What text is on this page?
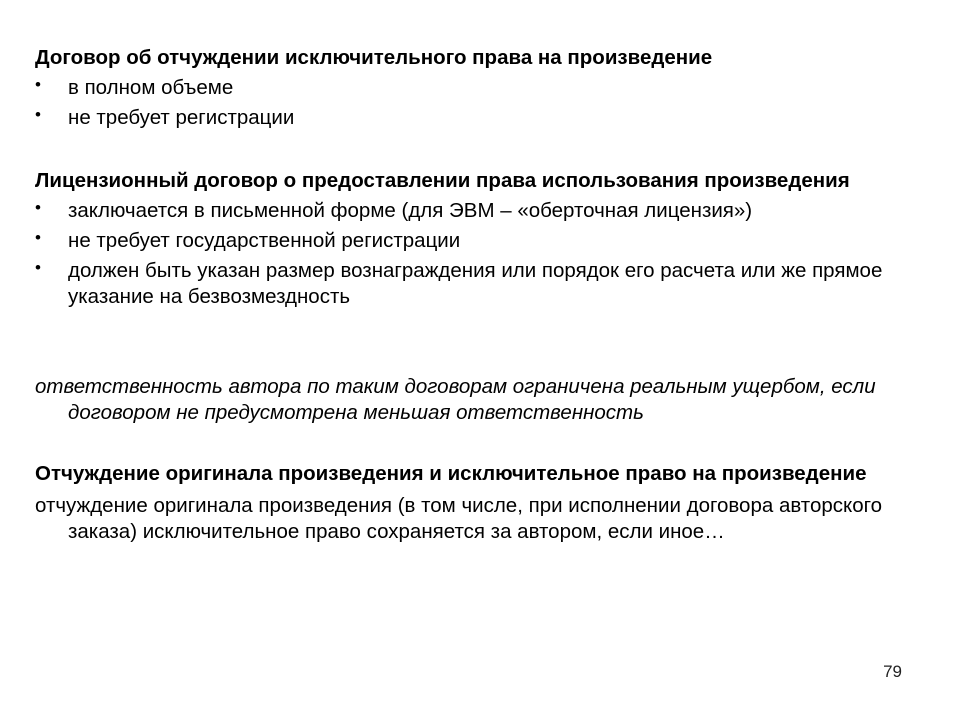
Договор об отчуждении исключительного права на произведение
• в полном объеме
• не требует регистрации
Лицензионный договор о предоставлении права использования произведения
• заключается в письменной форме (для ЭВМ – «оберточная лицензия»)
• не требует государственной регистрации
• должен быть указан размер вознаграждения или порядок его расчета или же прямое указание на безвозмездность
ответственность автора по таким договорам ограничена реальным ущербом, если договором не предусмотрена меньшая ответственность
Отчуждение оригинала произведения и исключительное право на произведение
отчуждение оригинала произведения (в том числе, при исполнении договора авторского заказа) исключительное право сохраняется за автором, если иное…
79
